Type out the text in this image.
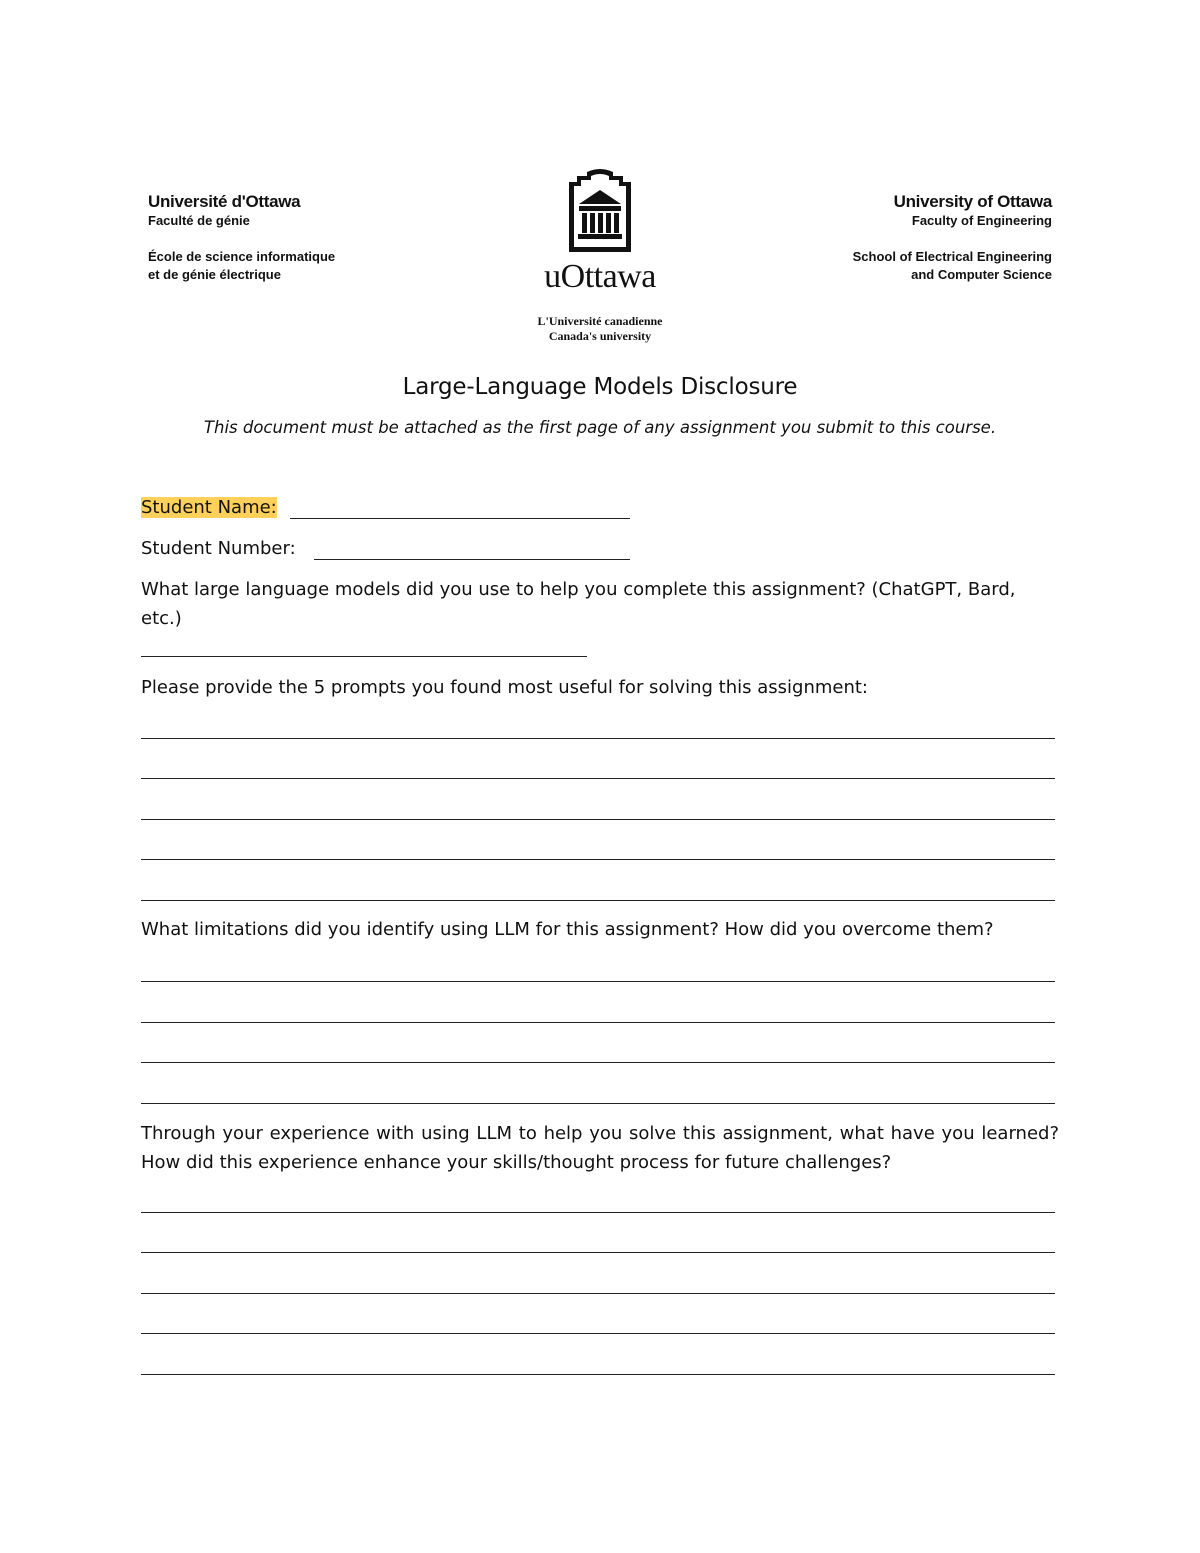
Université d'Ottawa
Faculté de génie
École de science informatique
et de génie électrique	uOttawa
L'Université canadienne
Canada's university
University of Ottawa
Faculty of Engineering
School of Electrical Engineering
and Computer Science
Large-Language Models Disclosure
This document must be attached as the first page of any assignment you submit to this course.
Student Name:
Student Number:
What large language models did you use to help you complete this assignment? (ChatGPT, Bard, etc.)
Please provide the 5 prompts you found most useful for solving this assignment:
What limitations did you identify using LLM for this assignment? How did you overcome them?
Through your experience with using LLM to help you solve this assignment, what have you learned? How did this experience enhance your skills/thought process for future challenges?
